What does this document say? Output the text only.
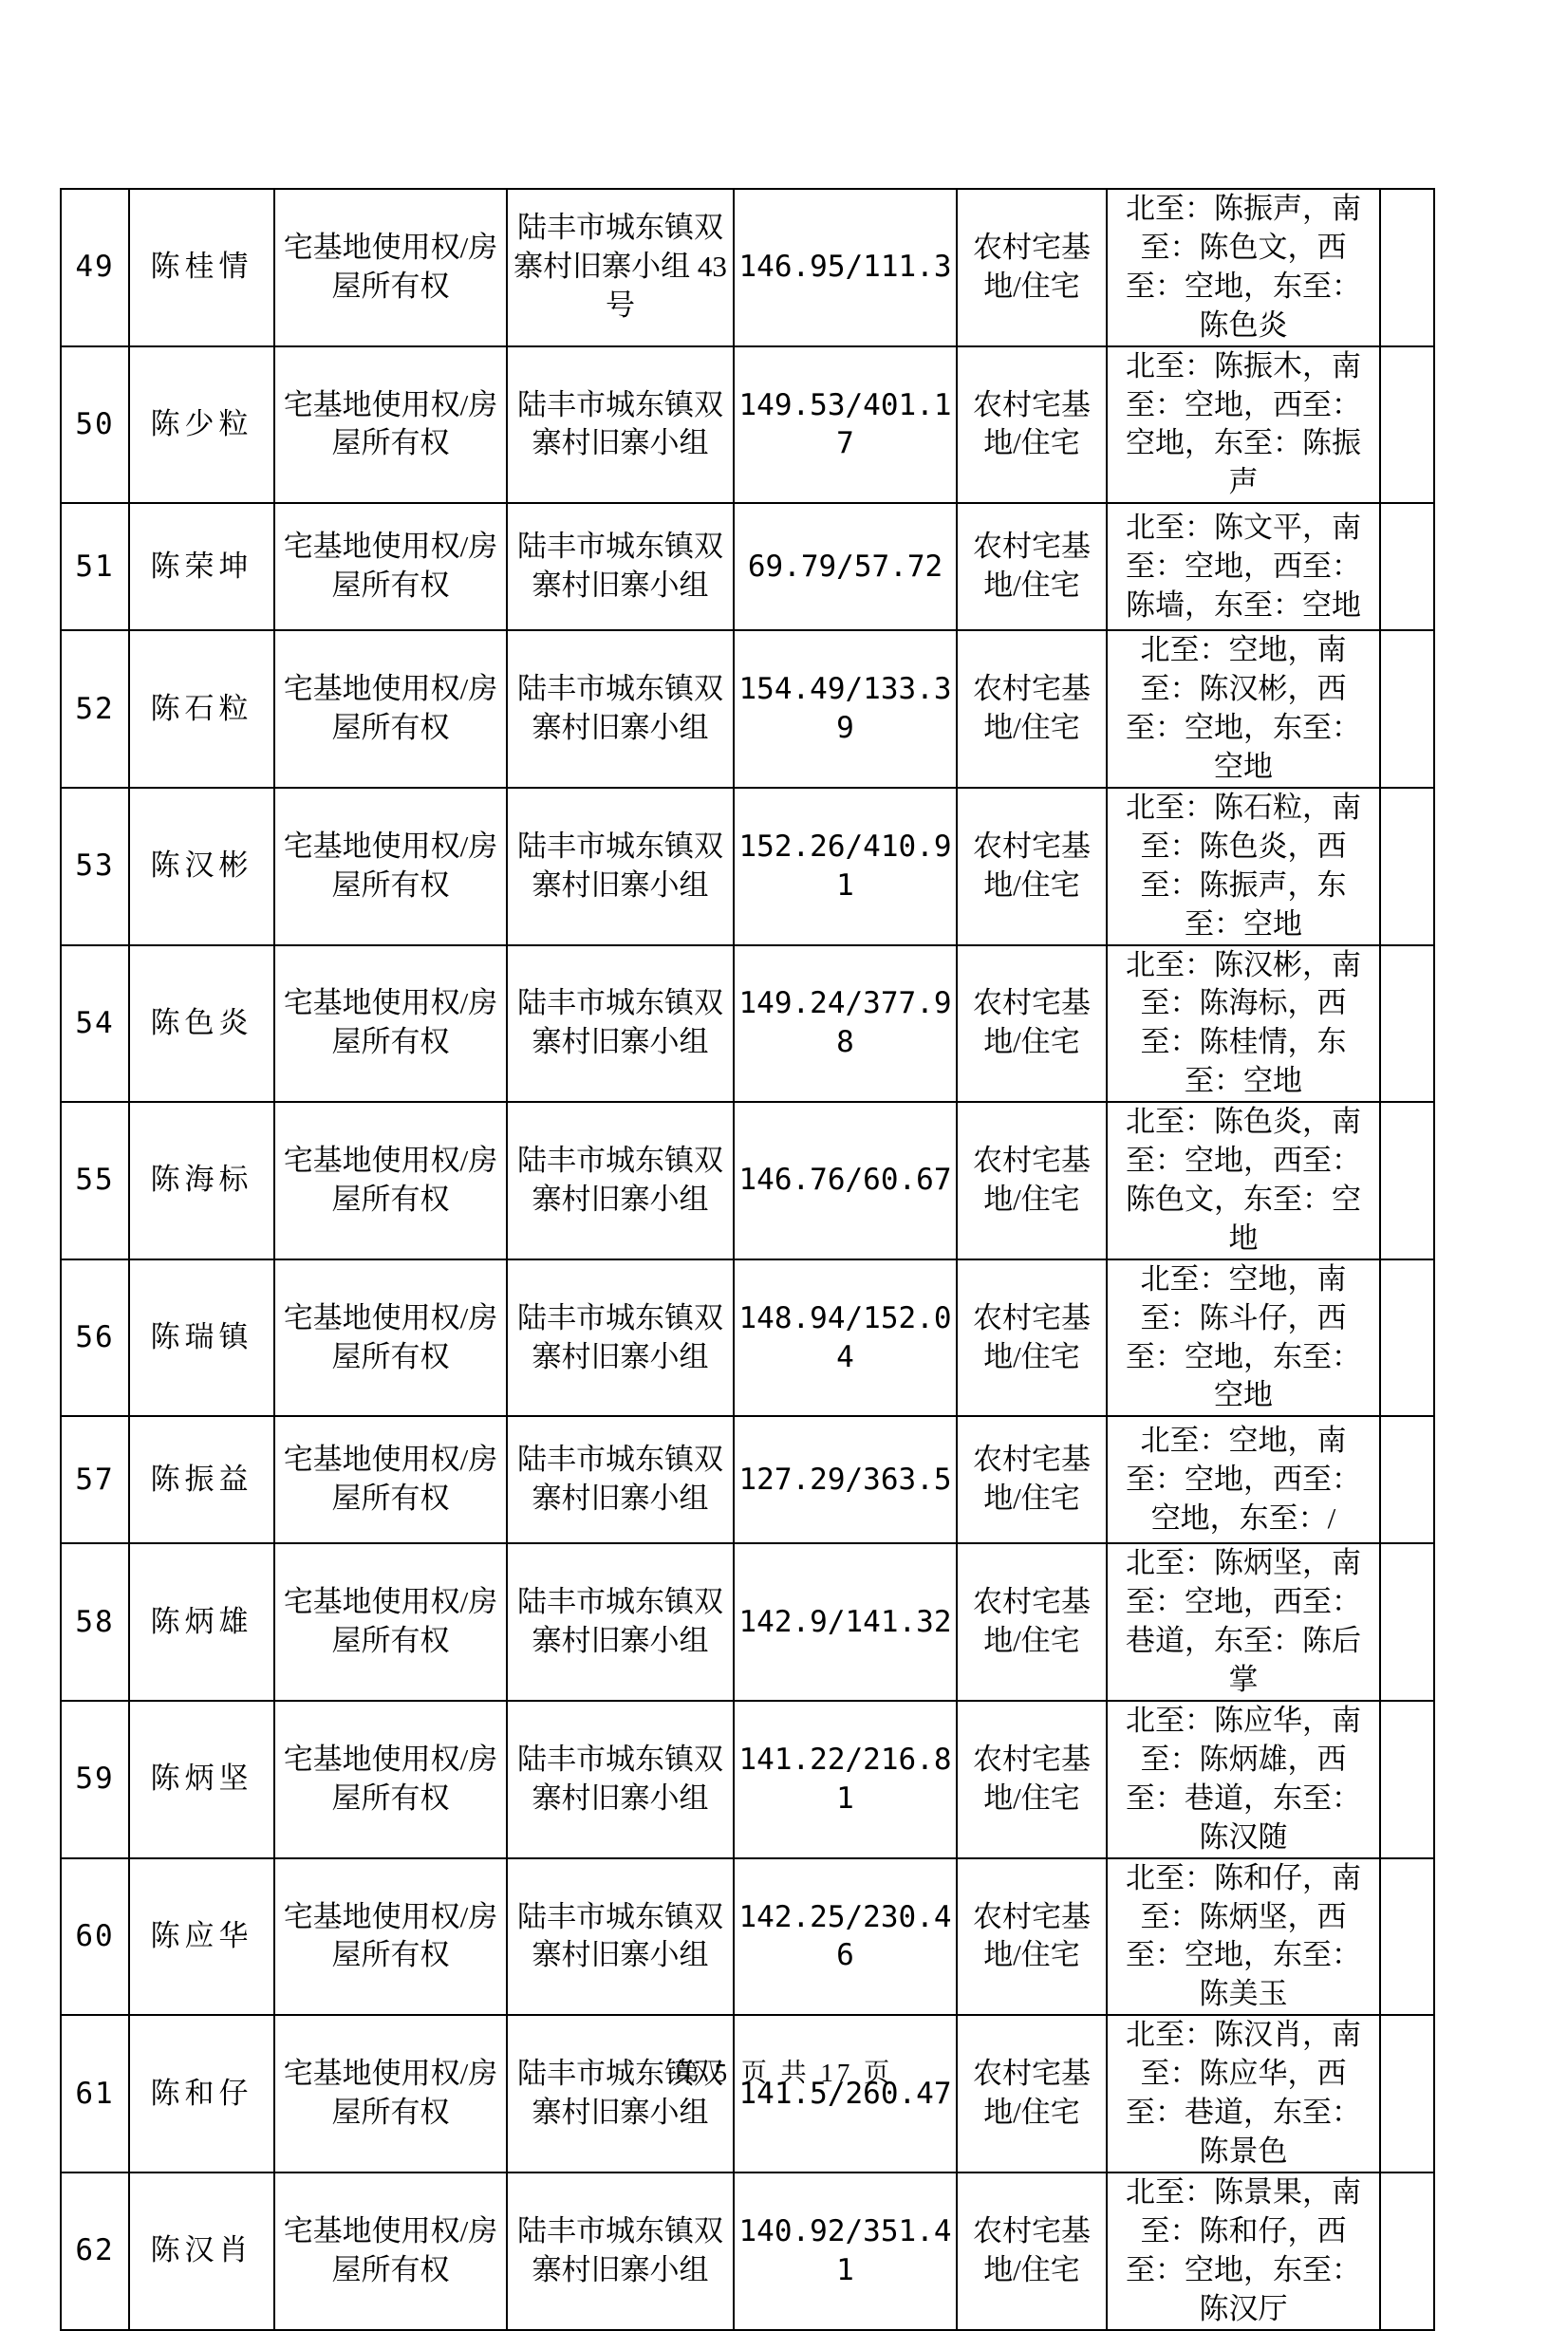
49	陈桂情	宅基地使用权/房屋所有权	陆丰市城东镇双寨村旧寨小组 43 号	146.95/111.3	农村宅基地/住宅	北至：陈振声，南至：陈色文，西至：空地，东至：陈色炎	
50	陈少粒	宅基地使用权/房屋所有权	陆丰市城东镇双寨村旧寨小组	149.53/401.17	农村宅基地/住宅	北至：陈振木，南至：空地，西至：空地，东至：陈振声	
51	陈荣坤	宅基地使用权/房屋所有权	陆丰市城东镇双寨村旧寨小组	69.79/57.72	农村宅基地/住宅	北至：陈文平，南至：空地，西至：陈墙，东至：空地	
52	陈石粒	宅基地使用权/房屋所有权	陆丰市城东镇双寨村旧寨小组	154.49/133.39	农村宅基地/住宅	北至：空地，南至：陈汉彬，西至：空地，东至：空地	
53	陈汉彬	宅基地使用权/房屋所有权	陆丰市城东镇双寨村旧寨小组	152.26/410.91	农村宅基地/住宅	北至：陈石粒，南至：陈色炎，西至：陈振声，东至：空地	
54	陈色炎	宅基地使用权/房屋所有权	陆丰市城东镇双寨村旧寨小组	149.24/377.98	农村宅基地/住宅	北至：陈汉彬，南至：陈海标，西至：陈桂情，东至：空地	
55	陈海标	宅基地使用权/房屋所有权	陆丰市城东镇双寨村旧寨小组	146.76/60.67	农村宅基地/住宅	北至：陈色炎，南至：空地，西至：陈色文，东至：空地	
56	陈瑞镇	宅基地使用权/房屋所有权	陆丰市城东镇双寨村旧寨小组	148.94/152.04	农村宅基地/住宅	北至：空地，南至：陈斗仔，西至：空地，东至：空地	
57	陈振益	宅基地使用权/房屋所有权	陆丰市城东镇双寨村旧寨小组	127.29/363.5	农村宅基地/住宅	北至：空地，南至：空地，西至：空地，东至：/	
58	陈炳雄	宅基地使用权/房屋所有权	陆丰市城东镇双寨村旧寨小组	142.9/141.32	农村宅基地/住宅	北至：陈炳坚，南至：空地，西至：巷道，东至：陈后掌	
59	陈炳坚	宅基地使用权/房屋所有权	陆丰市城东镇双寨村旧寨小组	141.22/216.81	农村宅基地/住宅	北至：陈应华，南至：陈炳雄，西至：巷道，东至：陈汉随	
60	陈应华	宅基地使用权/房屋所有权	陆丰市城东镇双寨村旧寨小组	142.25/230.46	农村宅基地/住宅	北至：陈和仔，南至：陈炳坚，西至：空地，东至：陈美玉	
61	陈和仔	宅基地使用权/房屋所有权	陆丰市城东镇双寨村旧寨小组	141.5/260.47	农村宅基地/住宅	北至：陈汉肖，南至：陈应华，西至：巷道，东至：陈景色	
62	陈汉肖	宅基地使用权/房屋所有权	陆丰市城东镇双寨村旧寨小组	140.92/351.41	农村宅基地/住宅	北至：陈景果，南至：陈和仔，西至：空地，东至：陈汉厅	
第 5 页 共 17 页
